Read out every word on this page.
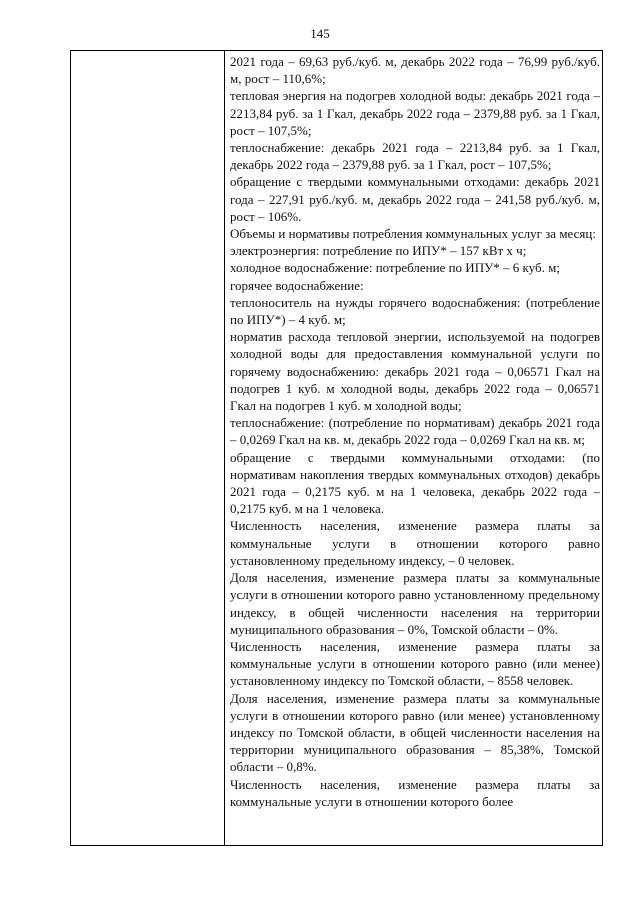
145

2021 года – 69,63 руб./куб. м, декабрь 2022 года – 76,99 руб./куб. м, рост – 110,6%;

тепловая энергия на подогрев холодной воды: декабрь 2021 года – 2213,84 руб. за 1 Гкал, декабрь 2022 года – 2379,88 руб. за 1 Гкал, рост – 107,5%;

теплоснабжение: декабрь 2021 года – 2213,84 руб. за 1 Гкал, декабрь 2022 года – 2379,88 руб. за 1 Гкал, рост – 107,5%;

обращение с твердыми коммунальными отходами: декабрь 2021 года – 227,91 руб./куб. м, декабрь 2022 года – 241,58 руб./куб. м, рост – 106%.

Объемы и нормативы потребления коммунальных услуг за месяц:

электроэнергия: потребление по ИПУ* – 157 кВт х ч;

холодное водоснабжение: потребление по ИПУ* – 6 куб. м;

горячее водоснабжение:

теплоноситель на нужды горячего водоснабжения: (потребление по ИПУ*) – 4 куб. м;

норматив расхода тепловой энергии, используемой на подогрев холодной воды для предоставления коммунальной услуги по горячему водоснабжению: декабрь 2021 года – 0,06571 Гкал на подогрев 1 куб. м холодной воды, декабрь 2022 года – 0,06571 Гкал на подогрев 1 куб. м холодной воды;

теплоснабжение: (потребление по нормативам) декабрь 2021 года – 0,0269 Гкал на кв. м, декабрь 2022 года – 0,0269 Гкал на кв. м;

обращение с твердыми коммунальными отходами: (по нормативам накопления твердых коммунальных отходов) декабрь 2021 года – 0,2175 куб. м на 1 человека, декабрь 2022 года – 0,2175 куб. м на 1 человека.

Численность населения, изменение размера платы за коммунальные услуги в отношении которого равно установленному предельному индексу, – 0 человек.

Доля населения, изменение размера платы за коммунальные услуги в отношении которого равно установленному предельному индексу, в общей численности населения на территории муниципального образования – 0%, Томской области – 0%.

Численность населения, изменение размера платы за коммунальные услуги в отношении которого равно (или менее) установленному индексу по Томской области, – 8558 человек.

Доля населения, изменение размера платы за коммунальные услуги в отношении которого равно (или менее) установленному индексу по Томской области, в общей численности населения на территории муниципального образования – 85,38%, Томской области – 0,8%.

Численность населения, изменение размера платы за коммунальные услуги в отношении которого более
